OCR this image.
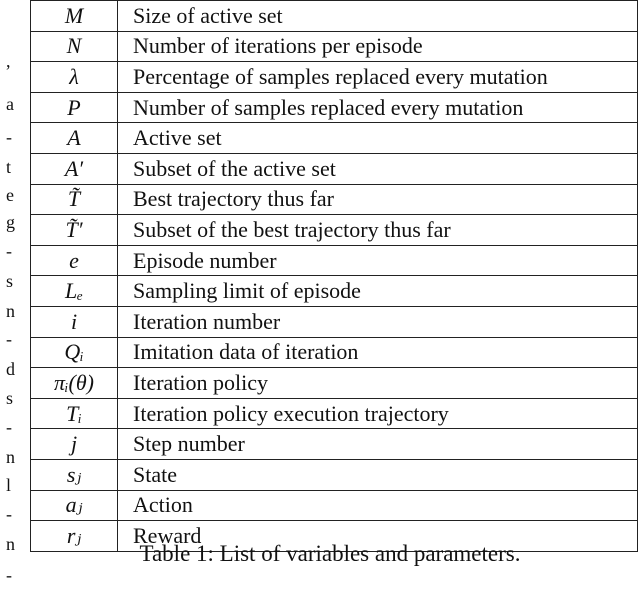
,
a
-
t
e
g
-
s
n
-
d
s
-
n
l
-
n
-
M	Size of active set
N	Number of iterations per episode
λ	Percentage of samples replaced every mutation
P	Number of samples replaced every mutation
A	Active set
A′	Subset of the active set
T̃	Best trajectory thus far
T̃′	Subset of the best trajectory thus far
e	Episode number
Lₑ	Sampling limit of episode
i	Iteration number
Qᵢ	Imitation data of iteration
πᵢ(θ)	Iteration policy
Tᵢ	Iteration policy execution trajectory
j	Step number
sⱼ	State
aⱼ	Action
rⱼ	Reward
Table 1: List of variables and parameters.
